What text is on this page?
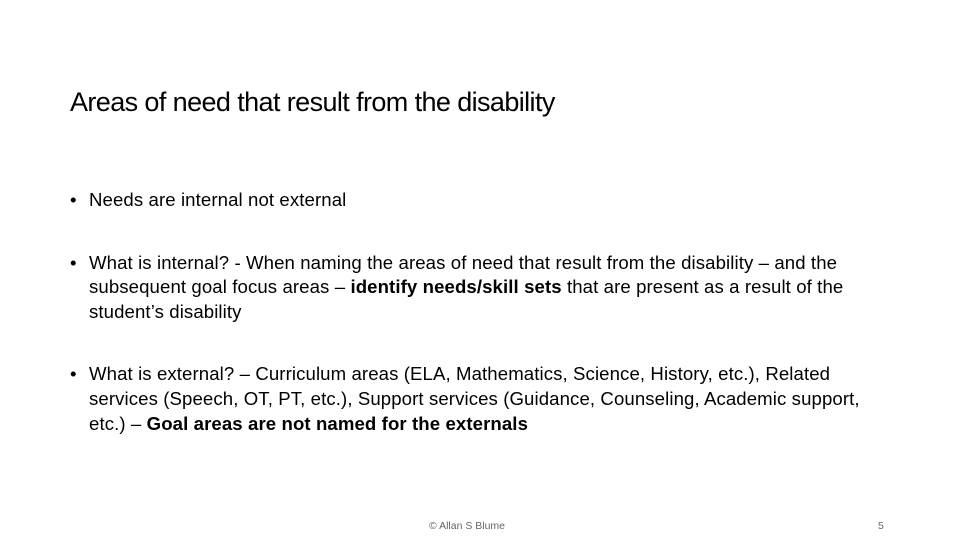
Areas of need that result from the disability
• Needs are internal not external
• What is internal? - When naming the areas of need that result from the disability – and the subsequent goal focus areas – identify needs/skill sets that are present as a result of the student’s disability
• What is external? – Curriculum areas (ELA, Mathematics, Science, History, etc.), Related services (Speech, OT, PT, etc.), Support services (Guidance, Counseling, Academic support, etc.) – Goal areas are not named for the externals
© Allan S Blume	5
